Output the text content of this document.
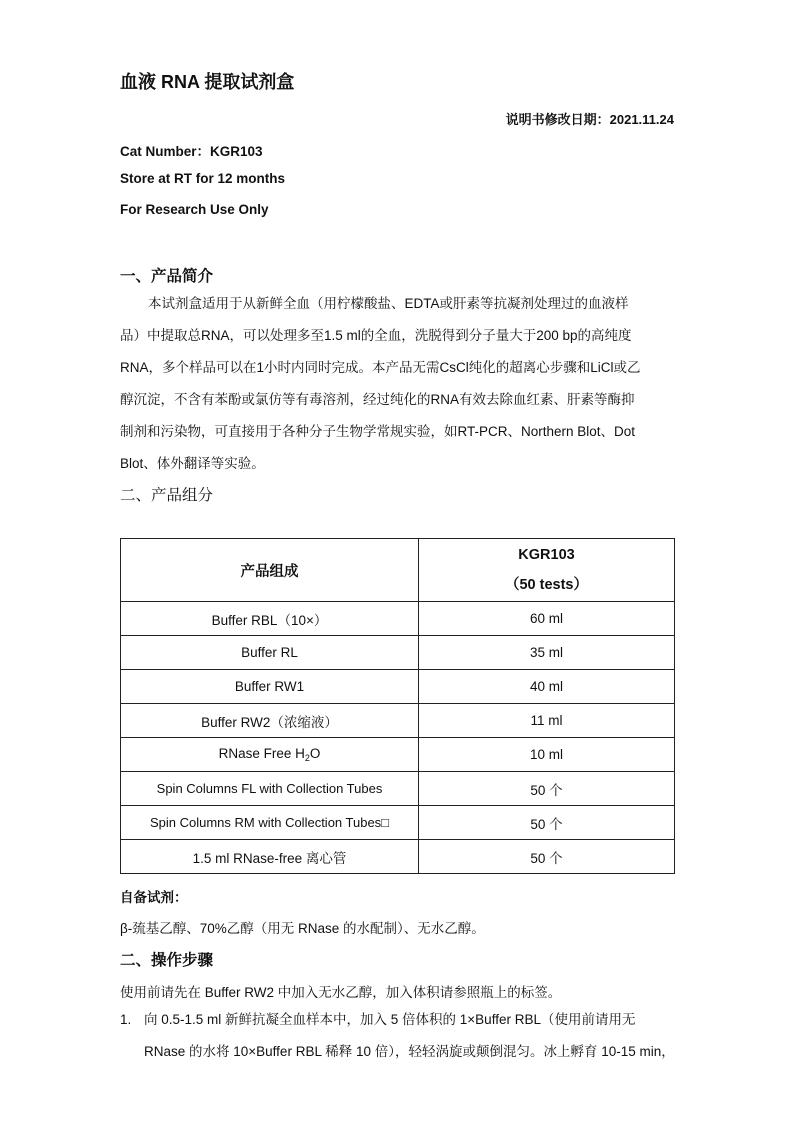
血液 RNA 提取试剂盒
说明书修改日期：2021.11.24
Cat Number：KGR103
Store at RT for 12 months
For Research Use Only
一、产品简介
本试剂盒适用于从新鲜全血（用柠檬酸盐、EDTA或肝素等抗凝剂处理过的血液样
品）中提取总RNA，可以处理多至1.5 ml的全血，洗脱得到分子量大于200 bp的高纯度
RNA，多个样品可以在1小时内同时完成。本产品无需CsCl纯化的超离心步骤和LiCl或乙
醇沉淀，不含有苯酚或氯仿等有毒溶剂，经过纯化的RNA有效去除血红素、肝素等酶抑
制剂和污染物，可直接用于各种分子生物学常规实验，如RT-PCR、Northern Blot、Dot
Blot、体外翻译等实验。
二、产品组分
产品组成	KGR103
（50 tests）

Buffer RBL（10×）	60 ml
Buffer RL	35 ml
Buffer RW1	40 ml
Buffer RW2（浓缩液）	11 ml
RNase Free $H_2O$	10 ml
Spin Columns FL with Collection Tubes	50 个
Spin Columns RM with Collection Tubes□	50 个
1.5 ml RNase-free 离心管	50 个
自备试剂：
β-巯基乙醇、70%乙醇（用无 RNase 的水配制）、无水乙醇。
二、操作步骤
使用前请先在 Buffer RW2 中加入无水乙醇，加入体积请参照瓶上的标签。
1. 向 0.5-1.5 ml 新鲜抗凝全血样本中，加入 5 倍体积的 1×Buffer RBL（使用前请用无
RNase 的水将 10×Buffer RBL 稀释 10 倍），轻轻涡旋或颠倒混匀。冰上孵育 10-15 min，
